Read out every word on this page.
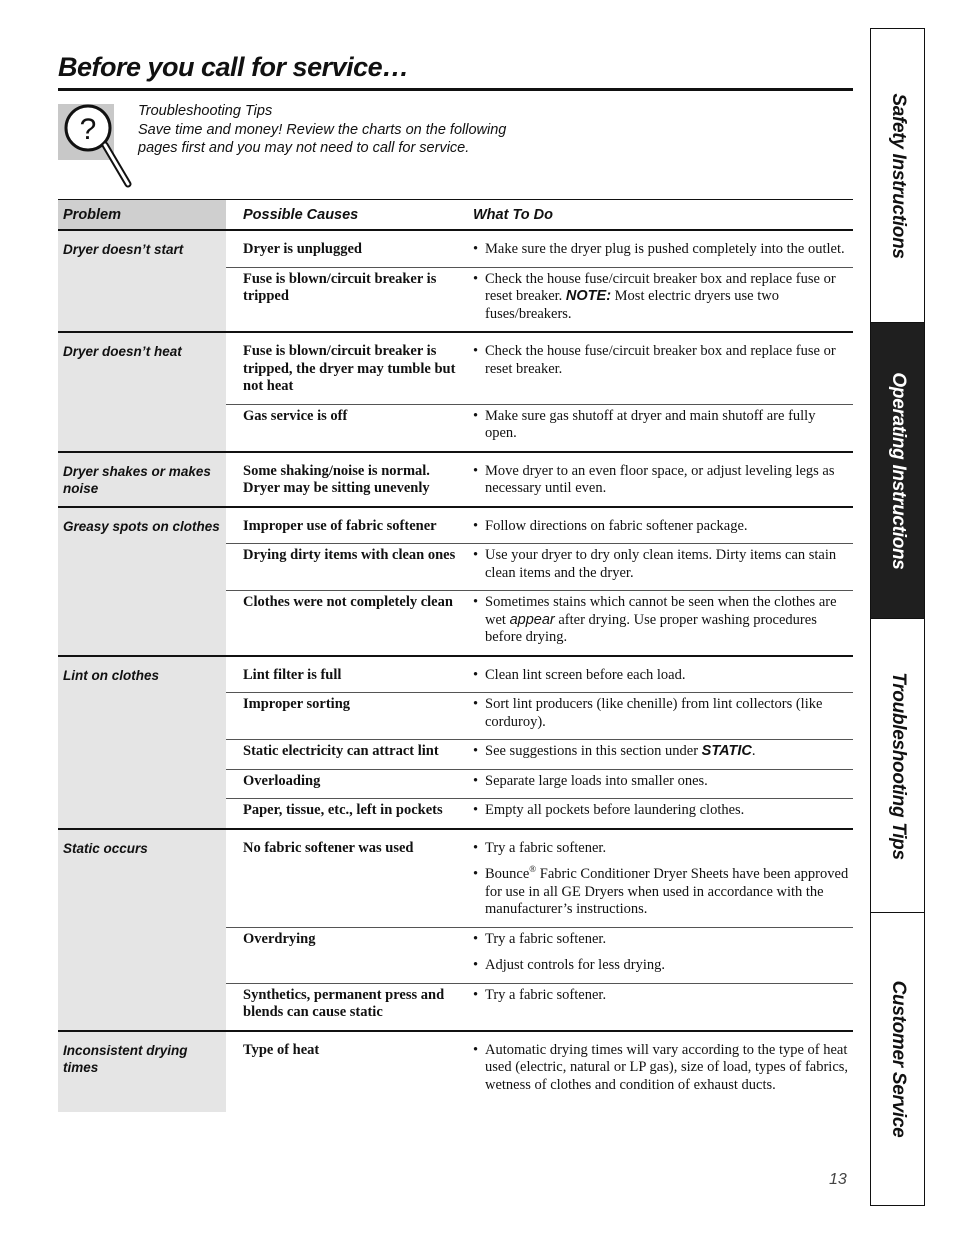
Before you call for service…
?
Troubleshooting Tips
Save time and money! Review the charts on the following
pages first and you may not need to call for service.
Problem	Possible Causes	What To Do
Dryer doesn’t start	Dryer is unplugged	• Make sure the dryer plug is pushed completely into the outlet.

	Fuse is blown/circuit breaker is tripped	• Check the house fuse/circuit breaker box and replace fuse or reset breaker. NOTE: Most electric dryers use two fuses/breakers.

Dryer doesn’t heat	Fuse is blown/circuit breaker is tripped, the dryer may tumble but not heat	• Check the house fuse/circuit breaker box and replace fuse or reset breaker.

	Gas service is off	• Make sure gas shutoff at dryer and main shutoff are fully open.

Dryer shakes or makes noise	Some shaking/noise is normal. Dryer may be sitting unevenly	• Move dryer to an even floor space, or adjust leveling legs as necessary until even.

Greasy spots on clothes	Improper use of fabric softener	• Follow directions on fabric softener package.

	Drying dirty items with clean ones	• Use your dryer to dry only clean items. Dirty items can stain clean items and the dryer.

	Clothes were not completely clean	• Sometimes stains which cannot be seen when the clothes are wet appear after drying. Use proper washing procedures before drying.

Lint on clothes	Lint filter is full	• Clean lint screen before each load.

	Improper sorting	• Sort lint producers (like chenille) from lint collectors (like corduroy).

	Static electricity can attract lint	• See suggestions in this section under STATIC.

	Overloading	• Separate large loads into smaller ones.

	Paper, tissue, etc., left in pockets	• Empty all pockets before laundering clothes.

Static occurs	No fabric softener was used	• Try a fabric softener.
• Bounce® Fabric Conditioner Dryer Sheets have been approved for use in all GE Dryers when used in accordance with the manufacturer’s instructions.

	Overdrying	• Try a fabric softener.
• Adjust controls for less drying.

	Synthetics, permanent press and blends can cause static	• Try a fabric softener.

Inconsistent drying times	Type of heat	• Automatic drying times will vary according to the type of heat used (electric, natural or LP gas), size of load, types of fabrics, wetness of clothes and condition of exhaust ducts.
13
Safety Instructions
Operating Instructions
Troubleshooting Tips
Customer Service
